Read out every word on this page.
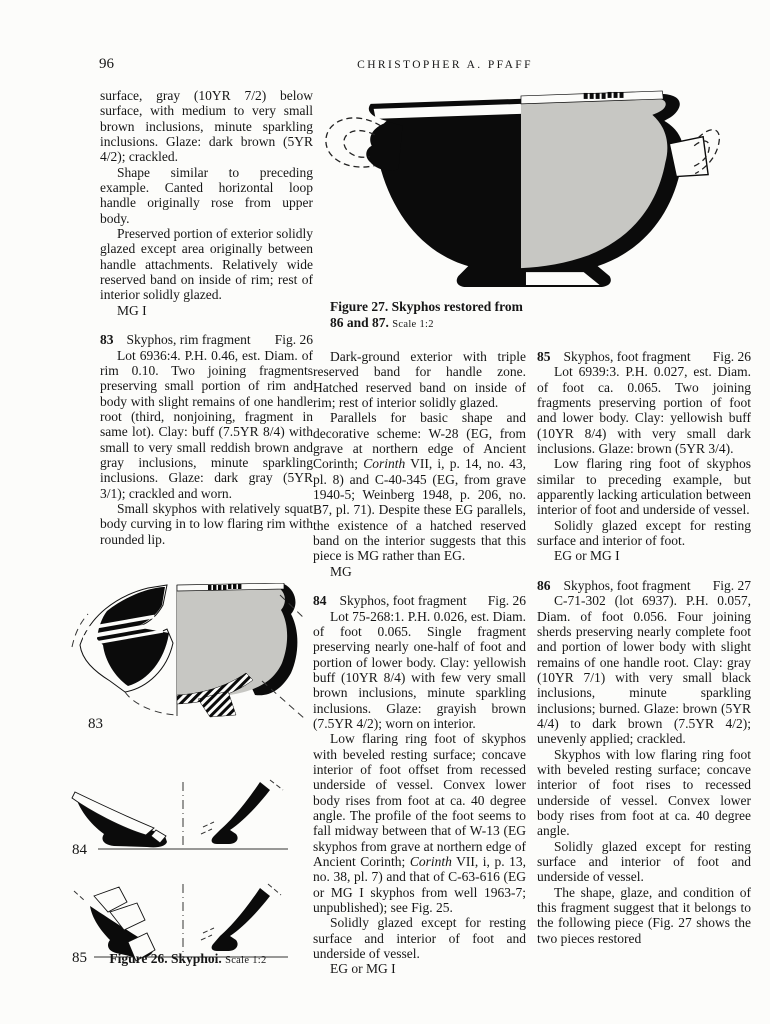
96	CHRISTOPHER A. PFAFF
Figure 27. Skyphos restored from
86 and 87. Scale 1:2

surface, gray (10YR 7/2) below surface, with medium to very small brown inclusions, minute sparkling inclusions. Glaze: dark brown (5YR 4/2); crackled.

Shape similar to preceding example. Canted horizontal loop handle originally rose from upper body.

Preserved portion of exterior solidly glazed except area originally between handle attachments. Relatively wide reserved band on inside of rim; rest of interior solidly glazed.

MG I

83 Skyphos, rim fragment Fig. 26

Lot 6936:4. P.H. 0.46, est. Diam. of rim 0.10. Two joining fragments preserving small portion of rim and body with slight remains of one handle root (third, nonjoining, fragment in same lot). Clay: buff (7.5YR 8/4) with small to very small reddish brown and gray inclusions, minute sparkling inclusions. Glaze: dark gray (5YR 3/1); crackled and worn.

Small skyphos with relatively squat body curving in to low flaring rim with rounded lip.

Dark-ground exterior with triple reserved band for handle zone. Hatched reserved band on inside of rim; rest of interior solidly glazed.

Parallels for basic shape and decorative scheme: W-28 (EG, from grave at northern edge of Ancient Corinth; Corinth VII, i, p. 14, no. 43, pl. 8) and C-40-345 (EG, from grave 1940-5; Weinberg 1948, p. 206, no. B7, pl. 71). Despite these EG parallels, the existence of a hatched reserved band on the interior suggests that this piece is MG rather than EG.

MG

84 Skyphos, foot fragment Fig. 26

Lot 75-268:1. P.H. 0.026, est. Diam. of foot 0.065. Single fragment preserving nearly one-half of foot and portion of lower body. Clay: yellowish buff (10YR 8/4) with few very small brown inclusions, minute sparkling inclusions. Glaze: grayish brown (7.5YR 4/2); worn on interior.

Low flaring ring foot of skyphos with beveled resting surface; concave interior of foot offset from recessed underside of vessel. Convex lower body rises from foot at ca. 40 degree angle. The profile of the foot seems to fall midway between that of W-13 (EG skyphos from grave at northern edge of Ancient Corinth; Corinth VII, i, p. 13, no. 38, pl. 7) and that of C-63-616 (EG or MG I skyphos from well 1963-7; unpublished); see Fig. 25.

Solidly glazed except for resting surface and interior of foot and underside of vessel.

EG or MG I

85 Skyphos, foot fragment Fig. 26

Lot 6939:3. P.H. 0.027, est. Diam. of foot ca. 0.065. Two joining fragments preserving portion of foot and lower body. Clay: yellowish buff (10YR 8/4) with very small dark inclusions. Glaze: brown (5YR 3/4).

Low flaring ring foot of skyphos similar to preceding example, but apparently lacking articulation between interior of foot and underside of vessel.

Solidly glazed except for resting surface and interior of foot.

EG or MG I

86 Skyphos, foot fragment Fig. 27

C-71-302 (lot 6937). P.H. 0.057, Diam. of foot 0.056. Four joining sherds preserving nearly complete foot and portion of lower body with slight remains of one handle root. Clay: gray (10YR 7/1) with very small black inclusions, minute sparkling inclusions; burned. Glaze: brown (5YR 4/4) to dark brown (7.5YR 4/2); unevenly applied; crackled.

Skyphos with low flaring ring foot with beveled resting surface; concave interior of foot rises to recessed underside of vessel. Convex lower body rises from foot at ca. 40 degree angle.

Solidly glazed except for resting surface and interior of foot and underside of vessel.

The shape, glaze, and condition of this fragment suggest that it belongs to the following piece (Fig. 27 shows the two pieces restored

83
84
85	Figure 26. Skyphoi. Scale 1:2
